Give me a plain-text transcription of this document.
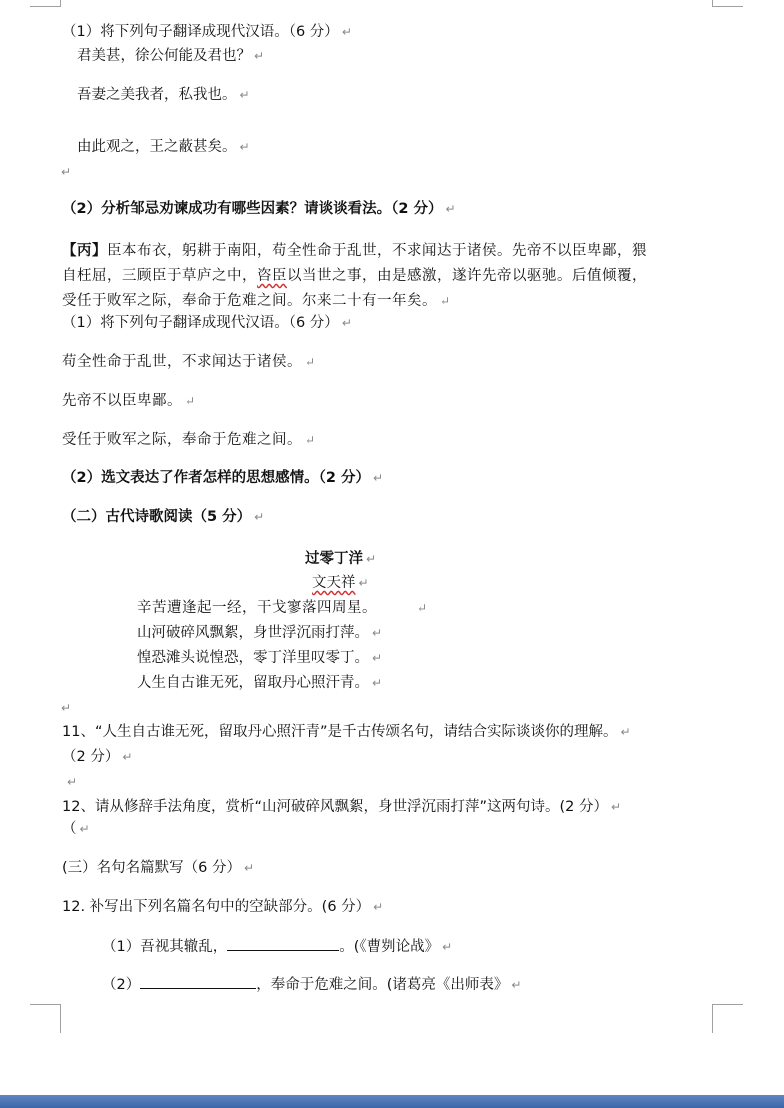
（1）将下列句子翻译成现代汉语。（6 分） ↵
君美甚，徐公何能及君也？ ↵
吾妻之美我者，私我也。 ↵
由此观之，王之蔽甚矣。 ↵
↵
（2）分析邹忌劝谏成功有哪些因素？请谈谈看法。（2 分） ↵
【丙】臣本布衣，躬耕于南阳，苟全性命于乱世，不求闻达于诸侯。先帝不以臣卑鄙，猥
自枉屈，三顾臣于草庐之中，咨臣以当世之事，由是感激，遂许先帝以驱驰。后值倾覆，
受任于败军之际，奉命于危难之间。尔来二十有一年矣。 ↵
（1）将下列句子翻译成现代汉语。（6 分） ↵
苟全性命于乱世，不求闻达于诸侯。 ↵
先帝不以臣卑鄙。 ↵
受任于败军之际，奉命于危难之间。 ↵
（2）选文表达了作者怎样的思想感情。（2 分） ↵
（二）古代诗歌阅读（5 分） ↵
过零丁洋 ↵
文天祥 ↵
辛苦遭逢起一经，干戈寥落四周星。	↵
山河破碎风飘絮，身世浮沉雨打萍。 ↵
惶恐滩头说惶恐，零丁洋里叹零丁。 ↵
人生自古谁无死，留取丹心照汗青。 ↵
↵
11、“人生自古谁无死，留取丹心照汗青”是千古传颂名句，请结合实际谈谈你的理解。 ↵
（2 分） ↵
↵
12、请从修辞手法角度，赏析“山河破碎风飘絮，身世浮沉雨打萍”这两句诗。(2 分） ↵
（ ↵
(三）名句名篇默写（6 分） ↵
12. 补写出下列名篇名句中的空缺部分。(6 分） ↵
（1）吾视其辙乱，	。(《曹刿论战》 ↵
（2）	，奉命于危难之间。(诸葛亮《出师表》 ↵
